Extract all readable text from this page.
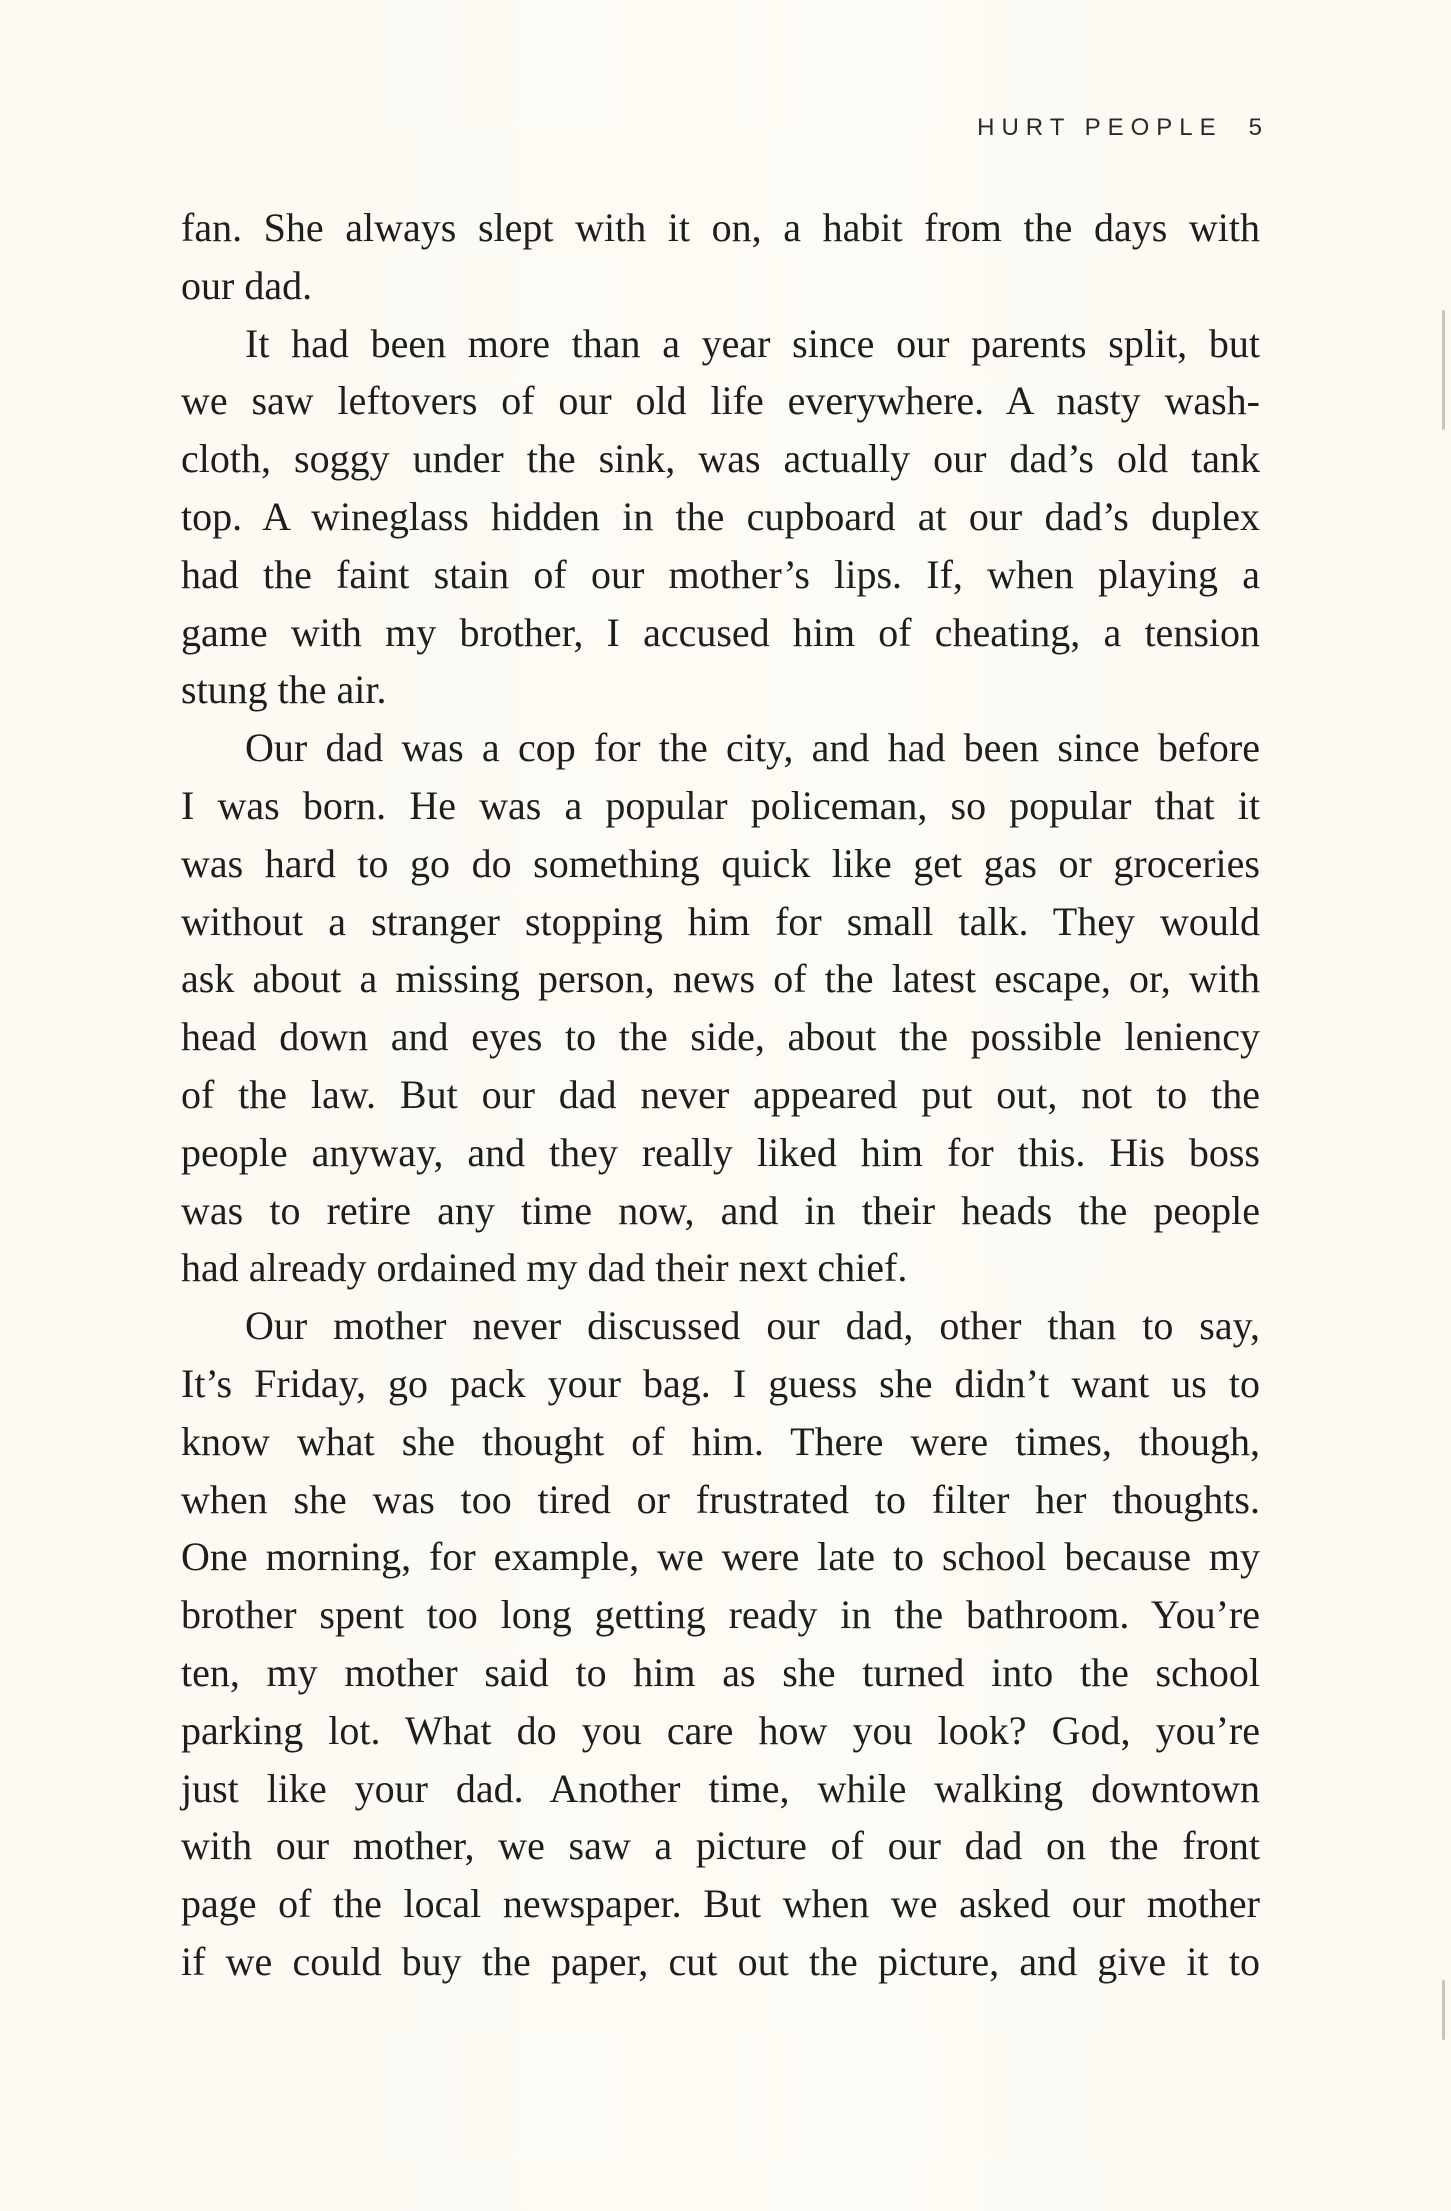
HURT PEOPLE 5

fan. She always slept with it on, a habit from the days with
our dad.

It had been more than a year since our parents split, but
we saw leftovers of our old life everywhere. A nasty wash-
cloth, soggy under the sink, was actually our dad’s old tank
top. A wineglass hidden in the cupboard at our dad’s duplex
had the faint stain of our mother’s lips. If, when playing a
game with my brother, I accused him of cheating, a tension
stung the air.

Our dad was a cop for the city, and had been since before
I was born. He was a popular policeman, so popular that it
was hard to go do something quick like get gas or groceries
without a stranger stopping him for small talk. They would
ask about a missing person, news of the latest escape, or, with
head down and eyes to the side, about the possible leniency
of the law. But our dad never appeared put out, not to the
people anyway, and they really liked him for this. His boss
was to retire any time now, and in their heads the people
had already ordained my dad their next chief.

Our mother never discussed our dad, other than to say,
It’s Friday, go pack your bag. I guess she didn’t want us to
know what she thought of him. There were times, though,
when she was too tired or frustrated to filter her thoughts.
One morning, for example, we were late to school because my
brother spent too long getting ready in the bathroom. You’re
ten, my mother said to him as she turned into the school
parking lot. What do you care how you look? God, you’re
just like your dad. Another time, while walking downtown
with our mother, we saw a picture of our dad on the front
page of the local newspaper. But when we asked our mother
if we could buy the paper, cut out the picture, and give it to
